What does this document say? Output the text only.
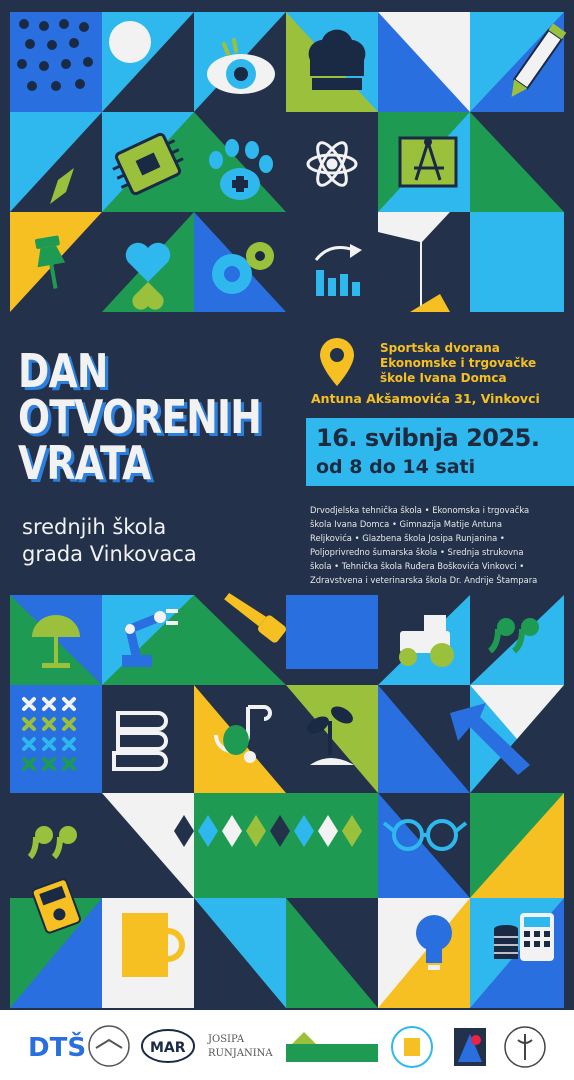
DAN
OTVORENIH
VRATA
srednjih škola
grada Vinkovaca
Sportska dvorana
Ekonomske i trgovačke
škole Ivana Domca
Antuna Akšamovića 31, Vinkovci
16. svibnja 2025.
od 8 do 14 sati
Drvodjelska tehnička škola • Ekonomska i trgovačka
škola Ivana Domca • Gimnazija Matije Antuna
Reljkovića • Glazbena škola Josipa Runjanina •
Poljoprivredno šumarska škola • Srednja strukovna
škola • Tehnička škola Ruđera Boškovića Vinkovci •
Zdravstvena i veterinarska škola Dr. Andrije Štampara
DTŠ	MAR
JOSIPA
RUNJANINA
